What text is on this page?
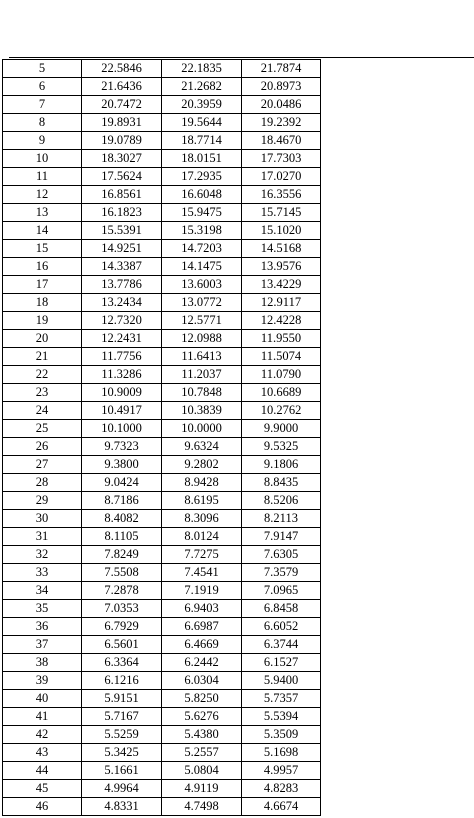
5	22.5846	22.1835	21.7874
6	21.6436	21.2682	20.8973
7	20.7472	20.3959	20.0486
8	19.8931	19.5644	19.2392
9	19.0789	18.7714	18.4670
10	18.3027	18.0151	17.7303
11	17.5624	17.2935	17.0270
12	16.8561	16.6048	16.3556
13	16.1823	15.9475	15.7145
14	15.5391	15.3198	15.1020
15	14.9251	14.7203	14.5168
16	14.3387	14.1475	13.9576
17	13.7786	13.6003	13.4229
18	13.2434	13.0772	12.9117
19	12.7320	12.5771	12.4228
20	12.2431	12.0988	11.9550
21	11.7756	11.6413	11.5074
22	11.3286	11.2037	11.0790
23	10.9009	10.7848	10.6689
24	10.4917	10.3839	10.2762
25	10.1000	10.0000	9.9000
26	9.7323	9.6324	9.5325
27	9.3800	9.2802	9.1806
28	9.0424	8.9428	8.8435
29	8.7186	8.6195	8.5206
30	8.4082	8.3096	8.2113
31	8.1105	8.0124	7.9147
32	7.8249	7.7275	7.6305
33	7.5508	7.4541	7.3579
34	7.2878	7.1919	7.0965
35	7.0353	6.9403	6.8458
36	6.7929	6.6987	6.6052
37	6.5601	6.4669	6.3744
38	6.3364	6.2442	6.1527
39	6.1216	6.0304	5.9400
40	5.9151	5.8250	5.7357
41	5.7167	5.6276	5.5394
42	5.5259	5.4380	5.3509
43	5.3425	5.2557	5.1698
44	5.1661	5.0804	4.9957
45	4.9964	4.9119	4.8283
46	4.8331	4.7498	4.6674
